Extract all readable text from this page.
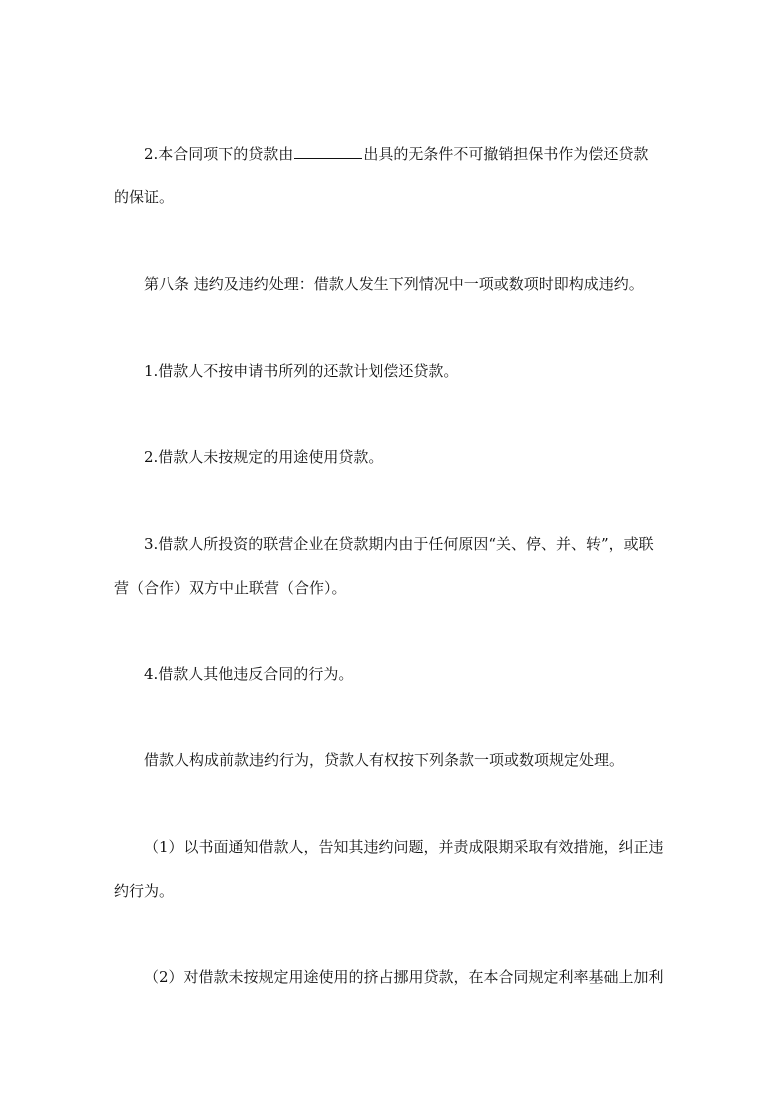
2.本合同项下的贷款由	出具的无条件不可撤销担保书作为偿还贷款
的保证。

第八条 违约及违约处理：借款人发生下列情况中一项或数项时即构成违约。

1.借款人不按申请书所列的还款计划偿还贷款。

2.借款人未按规定的用途使用贷款。

3.借款人所投资的联营企业在贷款期内由于任何原因“关、停、并、转”，或联
营（合作）双方中止联营（合作）。

4.借款人其他违反合同的行为。

借款人构成前款违约行为，贷款人有权按下列条款一项或数项规定处理。

（1）以书面通知借款人，告知其违约问题，并责成限期采取有效措施，纠正违
约行为。

（2）对借款未按规定用途使用的挤占挪用贷款，在本合同规定利率基础上加利
